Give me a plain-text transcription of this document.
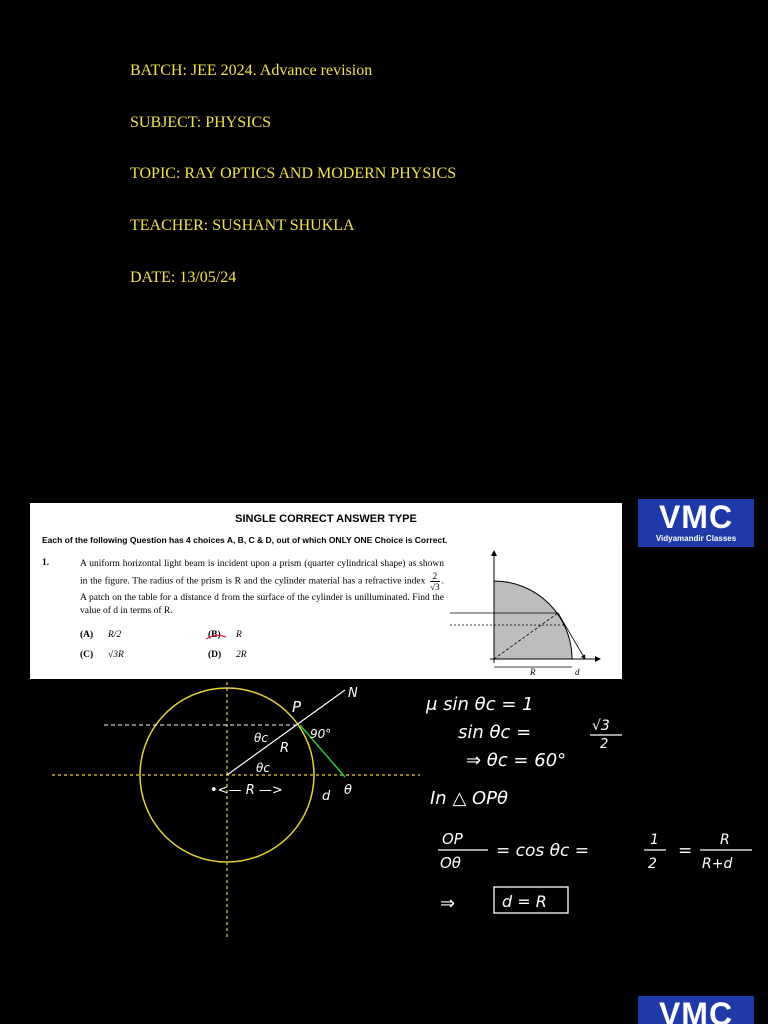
BATCH: JEE 2024. Advance revision
SUBJECT: PHYSICS
TOPIC: RAY OPTICS AND MODERN PHYSICS
TEACHER: SUSHANT SHUKLA
DATE: 13/05/24
SINGLE CORRECT ANSWER TYPE
Each of the following Question has 4 choices A, B, C & D, out of which ONLY ONE Choice is Correct.
1.	A uniform horizontal light beam is incident upon a prism (quarter cylindrical shape) as shown in the figure. The radius of the prism is R and the cylinder material has a refractive index $\frac{2}{√3}$ . A patch on the table for a distance d from the surface of the cylinder is unilluminated. Find the value of d in terms of R.
(A) R/2	(B) R
(C) √3R	(D) 2R
R	d
VMC
Vidyamandir Classes
VMC
P
N
90°
θc
R
θc
•<— R —>	d θ
μ sin θc = 1
sin θc =	√3
2
⇒ θc = 60°
In △ OPθ
OP
Oθ
= cos θc =
1
2
=
R
R+d
⇒	d = R
